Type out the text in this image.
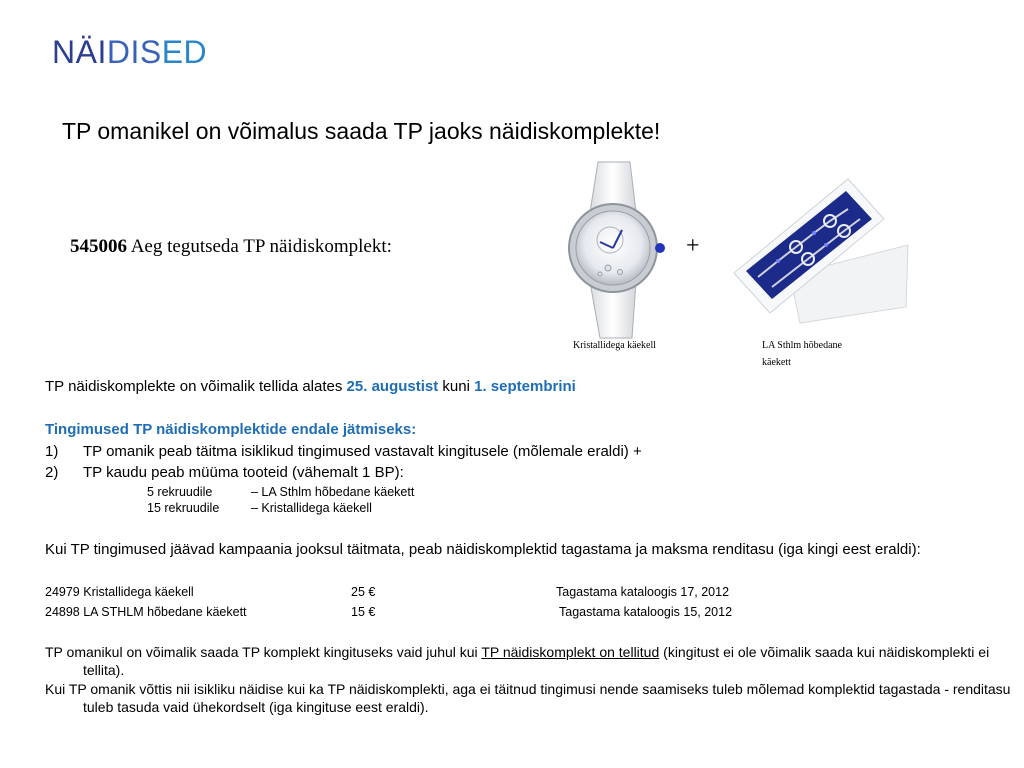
NÄIDISED
TP omanikel on võimalus saada TP jaoks näidiskomplekte!
545006 Aeg tegutseda TP näidiskomplekt:	+
Kristallidega käekell	LA Sthlm hõbedane
käekett
TP näidiskomplekte on võimalik tellida alates 25. augustist kuni 1. septembrini
Tingimused TP näidiskomplektide endale jätmiseks:
1) TP omanik peab täitma isiklikud tingimused vastavalt kingitusele (mõlemale eraldi) +
2) TP kaudu peab müüma tooteid (vähemalt 1 BP):
5 rekruudile	– LA Sthlm hõbedane käekett
15 rekruudile	– Kristallidega käekell
Kui TP tingimused jäävad kampaania jooksul täitmata, peab näidiskomplektid tagastama ja maksma renditasu (iga kingi eest eraldi):
24979 Kristallidega käekell	25 €	Tagastama kataloogis 17, 2012
24898 LA STHLM hõbedane käekett	15 €	Tagastama kataloogis 15, 2012
TP omanikul on võimalik saada TP komplekt kingituseks vaid juhul kui TP näidiskomplekt on tellitud (kingitust ei ole võimalik saada kui näidiskomplekti ei tellita).
Kui TP omanik võttis nii isikliku näidise kui ka TP näidiskomplekti, aga ei täitnud tingimusi nende saamiseks tuleb mõlemad komplektid tagastada - renditasu tuleb tasuda vaid ühekordselt (iga kingituse eest eraldi).
